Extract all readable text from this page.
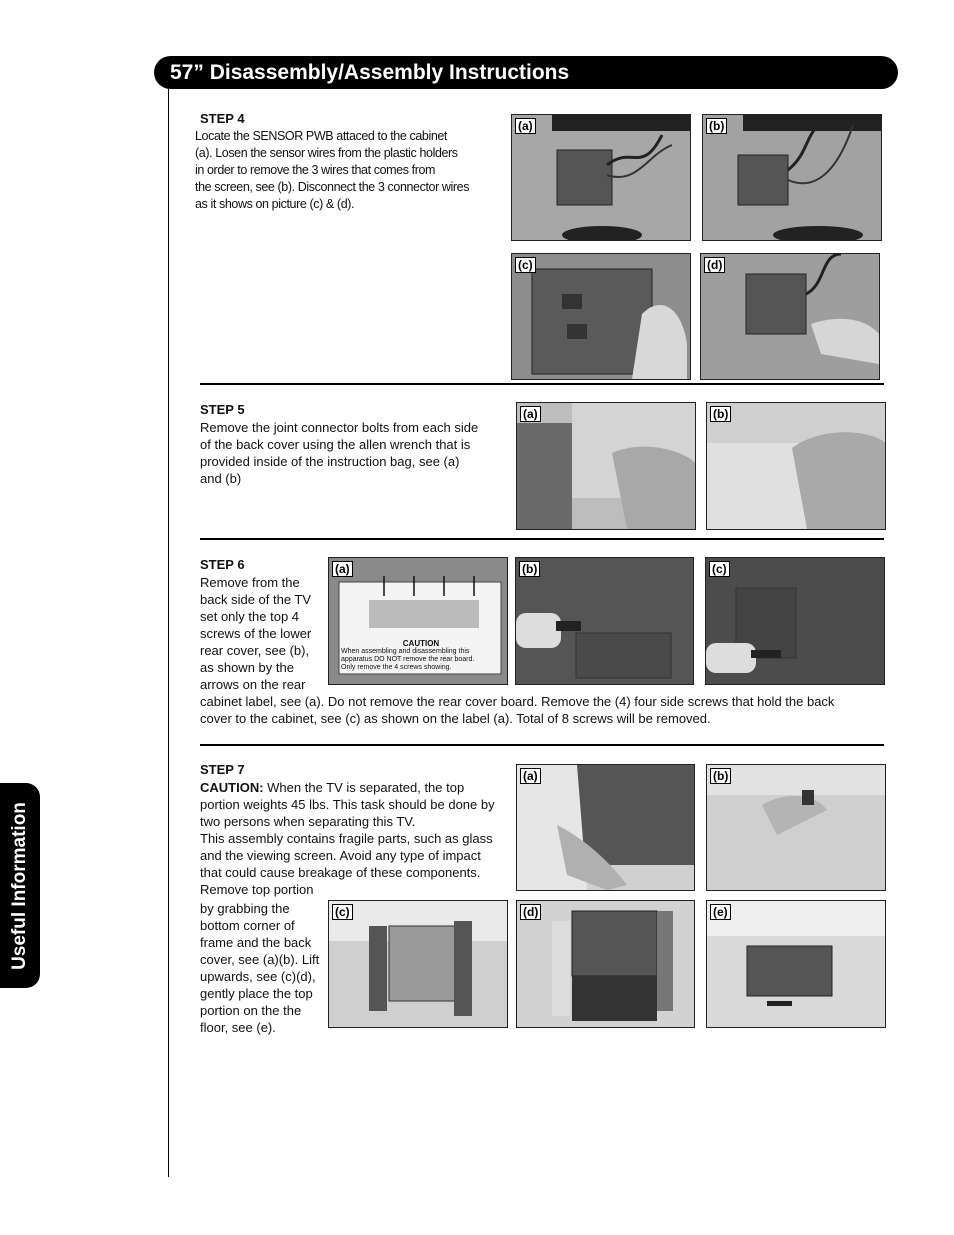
57” Disassembly/Assembly Instructions
Useful Information
STEP 4
Locate the SENSOR PWB attaced to the cabinet
(a). Losen the sensor wires from the plastic holders
in order to remove the 3 wires that comes from
the screen, see (b). Disconnect the 3 connector wires
as it shows on picture (c) & (d).
(a)	(b)
(c)	(d)
STEP 5
Remove the joint connector bolts from each side
of the back cover using the allen wrench that is
provided inside of the instruction bag, see (a)
and (b)
(a)	(b)
STEP 6
Remove from the
back side of the TV
set only the top 4
screws of the lower
rear cover, see (b),
as shown by the
arrows on the rear
cabinet label, see (a). Do not remove the rear cover board. Remove the (4) four side screws that hold the back
cover to the cabinet, see (c) as shown on the label (a). Total of 8 screws will be removed.
(a)
CAUTION
When assembling and disassembling this
apparatus DO NOT remove the rear board.
Only remove the 4 screws showing.
(b)	(c)
STEP 7
CAUTION: When the TV is separated, the top
portion weights 45 lbs. This task should be done by
two persons when separating this TV.
This assembly contains fragile parts, such as glass
and the viewing screen. Avoid any type of impact
that could cause breakage of these components.
Remove top portion
by grabbing the
bottom corner of
frame and the back
cover, see (a)(b). Lift
upwards, see (c)(d),
gently place the top
portion on the the
floor, see (e).
(a)	(b)
(c)	(d)	(e)
